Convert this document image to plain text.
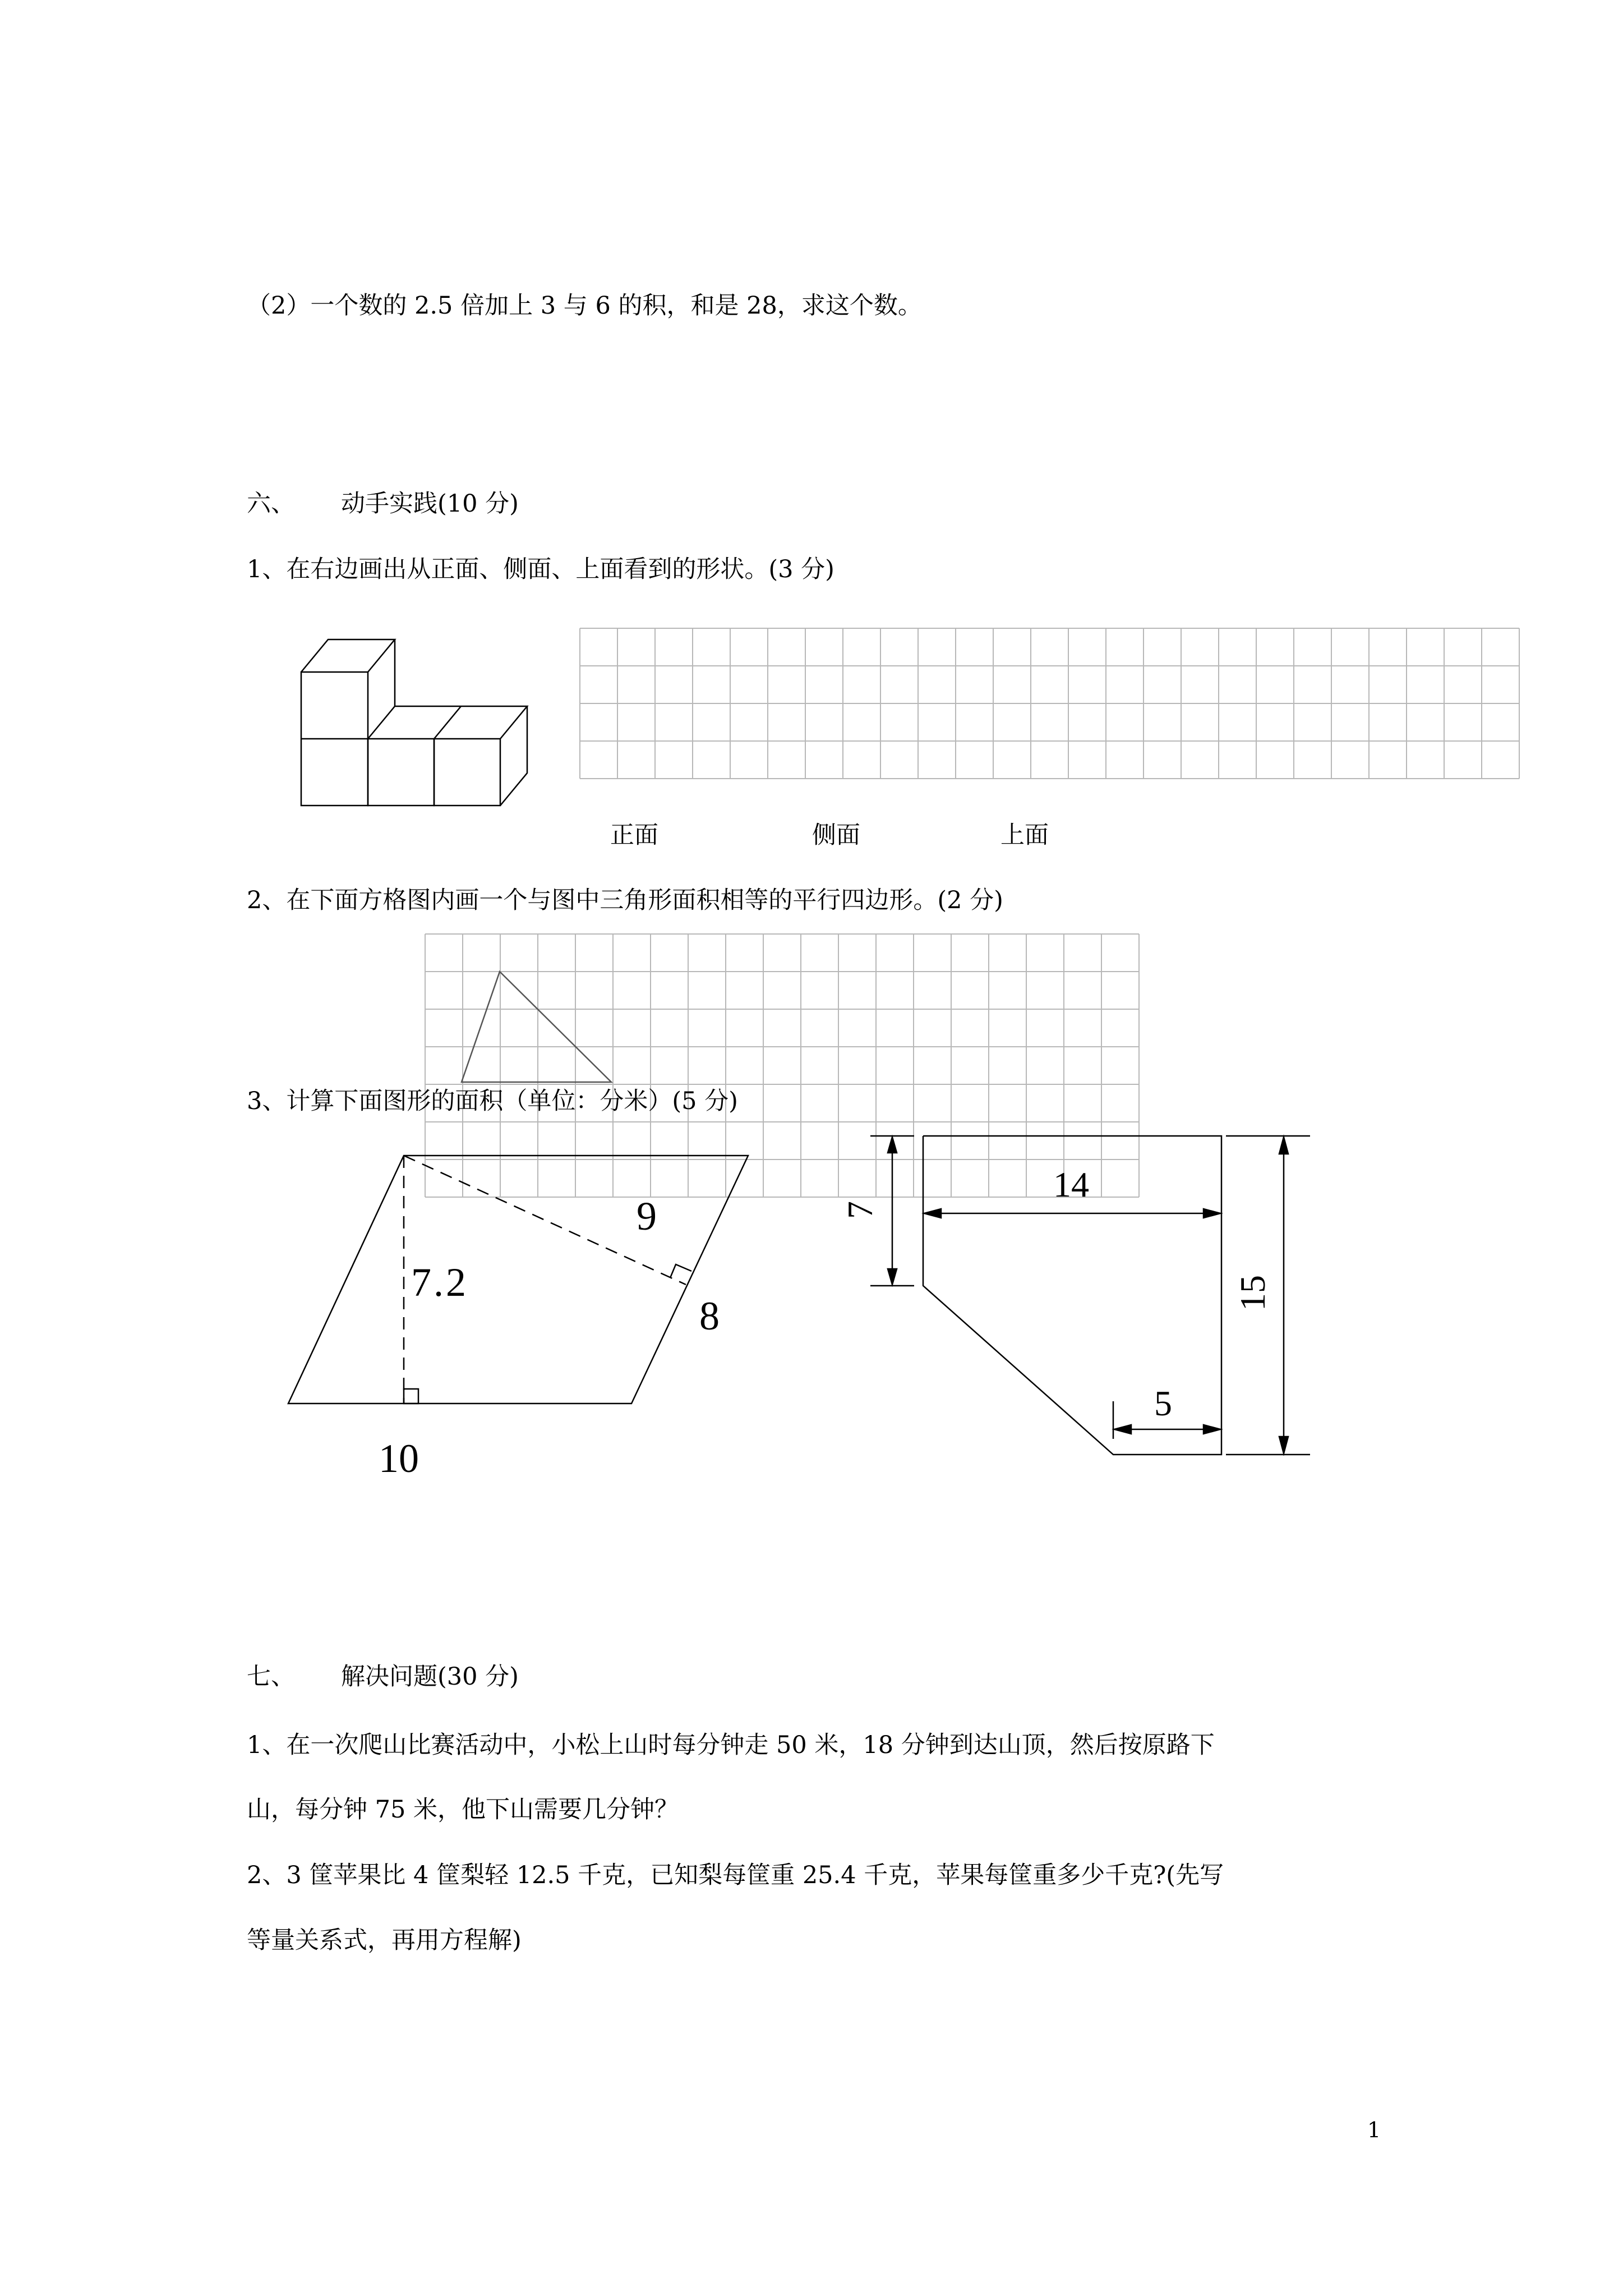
（2）一个数的 2.5 倍加上 3 与 6 的积，和是 28，求这个数。
六、      动手实践(10 分)
1、在右边画出从正面、侧面、上面看到的形状。(3 分)
正面	侧面	上面
2、在下面方格图内画一个与图中三角形面积相等的平行四边形。(2 分)
3、计算下面图形的面积（单位：分米）(5 分)
7.2
9
8
10
7
14
15
5
七、      解决问题(30 分)
1、在一次爬山比赛活动中，小松上山时每分钟走 50 米，18 分钟到达山顶，然后按原路下
山，每分钟 75 米，他下山需要几分钟？
2、3 筐苹果比 4 筐梨轻 12.5 千克，已知梨每筐重 25.4 千克，苹果每筐重多少千克?(先写
等量关系式，再用方程解)
1
